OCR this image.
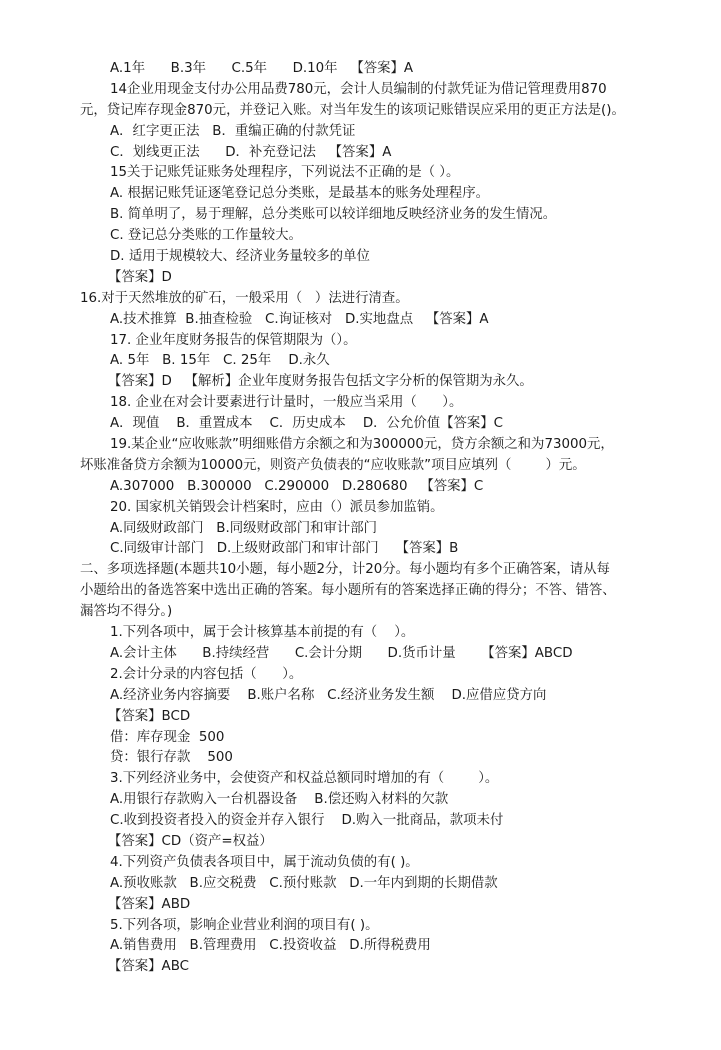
A.1年      B.3年      C.5年      D.10年   【答案】A
14企业用现金支付办公用品费780元，会计人员编制的付款凭证为借记管理费用870
元，贷记库存现金870元，并登记入账。对当年发生的该项记账错误应采用的更正方法是()。
A．红字更正法   B．重编正确的付款凭证
C．划线更正法      D．补充登记法   【答案】A
15关于记账凭证账务处理程序，下列说法不正确的是（ ）。
A. 根据记账凭证逐笔登记总分类账，是最基本的账务处理程序。
B. 简单明了，易于理解，总分类账可以较详细地反映经济业务的发生情况。
C. 登记总分类账的工作量较大。
D. 适用于规模较大、经济业务量较多的单位
【答案】D
16.对于天然堆放的矿石，一般采用（   ）法进行清查。
A.技术推算  B.抽查检验   C.询证核对   D.实地盘点   【答案】A
17. 企业年度财务报告的保管期限为（）。
A. 5年   B. 15年   C. 25年    D.永久
【答案】D   【解析】企业年度财务报告包括文字分析的保管期为永久。
18. 企业在对会计要素进行计量时，一般应当采用（      ）。
A．现值    B．重置成本    C．历史成本    D．公允价值【答案】C
19.某企业“应收账款”明细账借方余额之和为300000元，贷方余额之和为73000元，
坏账准备贷方余额为10000元，则资产负债表的“应收账款”项目应填列（        ）元。
A.307000   B.300000   C.290000   D.280680   【答案】C
20. 国家机关销毁会计档案时，应由（）派员参加监销。
A.同级财政部门   B.同级财政部门和审计部门
C.同级审计部门   D.上级财政部门和审计部门    【答案】B
二、多项选择题(本题共10小题，每小题2分，计20分。每小题均有多个正确答案，请从每
小题给出的备选答案中选出正确的答案。每小题所有的答案选择正确的得分；不答、错答、
漏答均不得分。)
1.下列各项中，属于会计核算基本前提的有（    ）。
A.会计主体      B.持续经营      C.会计分期      D.货币计量      【答案】ABCD
2.会计分录的内容包括（      ）。
A.经济业务内容摘要    B.账户名称   C.经济业务发生额    D.应借应贷方向
【答案】BCD
借：库存现金  500
贷：银行存款    500
3.下列经济业务中，会使资产和权益总额同时增加的有（        ）。
A.用银行存款购入一台机器设备    B.偿还购入材料的欠款
C.收到投资者投入的资金并存入银行    D.购入一批商品，款项未付
【答案】CD（资产=权益）
4.下列资产负债表各项目中，属于流动负债的有( )。
A.预收账款   B.应交税费   C.预付账款   D.一年内到期的长期借款
【答案】ABD
5.下列各项，影响企业营业利润的项目有( )。
A.销售费用   B.管理费用   C.投资收益   D.所得税费用
【答案】ABC
